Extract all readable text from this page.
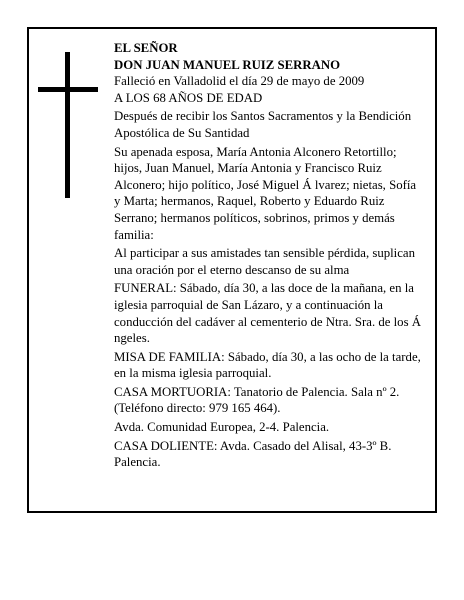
EL SEÑOR

DON JUAN MANUEL RUIZ SERRANO

Falleció en Valladolid el día 29 de mayo de 2009

A LOS 68 AÑOS DE EDAD

Después de recibir los Santos Sacramentos y la Bendición Apostólica de Su Santidad

Su apenada esposa, María Antonia Alconero Retortillo; hijos, Juan Manuel, María Antonia y Francisco Ruiz Alconero; hijo político, José Miguel Á lvarez; nietas, Sofía y Marta; hermanos, Raquel, Roberto y Eduardo Ruiz Serrano; hermanos políticos, sobrinos, primos y demás familia:

Al participar a sus amistades tan sensible pérdida, suplican una oración por el eterno descanso de su alma

FUNERAL: Sábado, día 30, a las doce de la mañana, en la iglesia parroquial de San Lázaro, y a continuación la conducción del cadáver al cementerio de Ntra. Sra. de los Á ngeles.

MISA DE FAMILIA: Sábado, día 30, a las ocho de la tarde, en la misma iglesia parroquial.

CASA MORTUORIA: Tanatorio de Palencia. Sala nº 2. (Teléfono directo: 979 165 464).

Avda. Comunidad Europea, 2-4. Palencia.

CASA DOLIENTE: Avda. Casado del Alisal, 43-3º B. Palencia.
